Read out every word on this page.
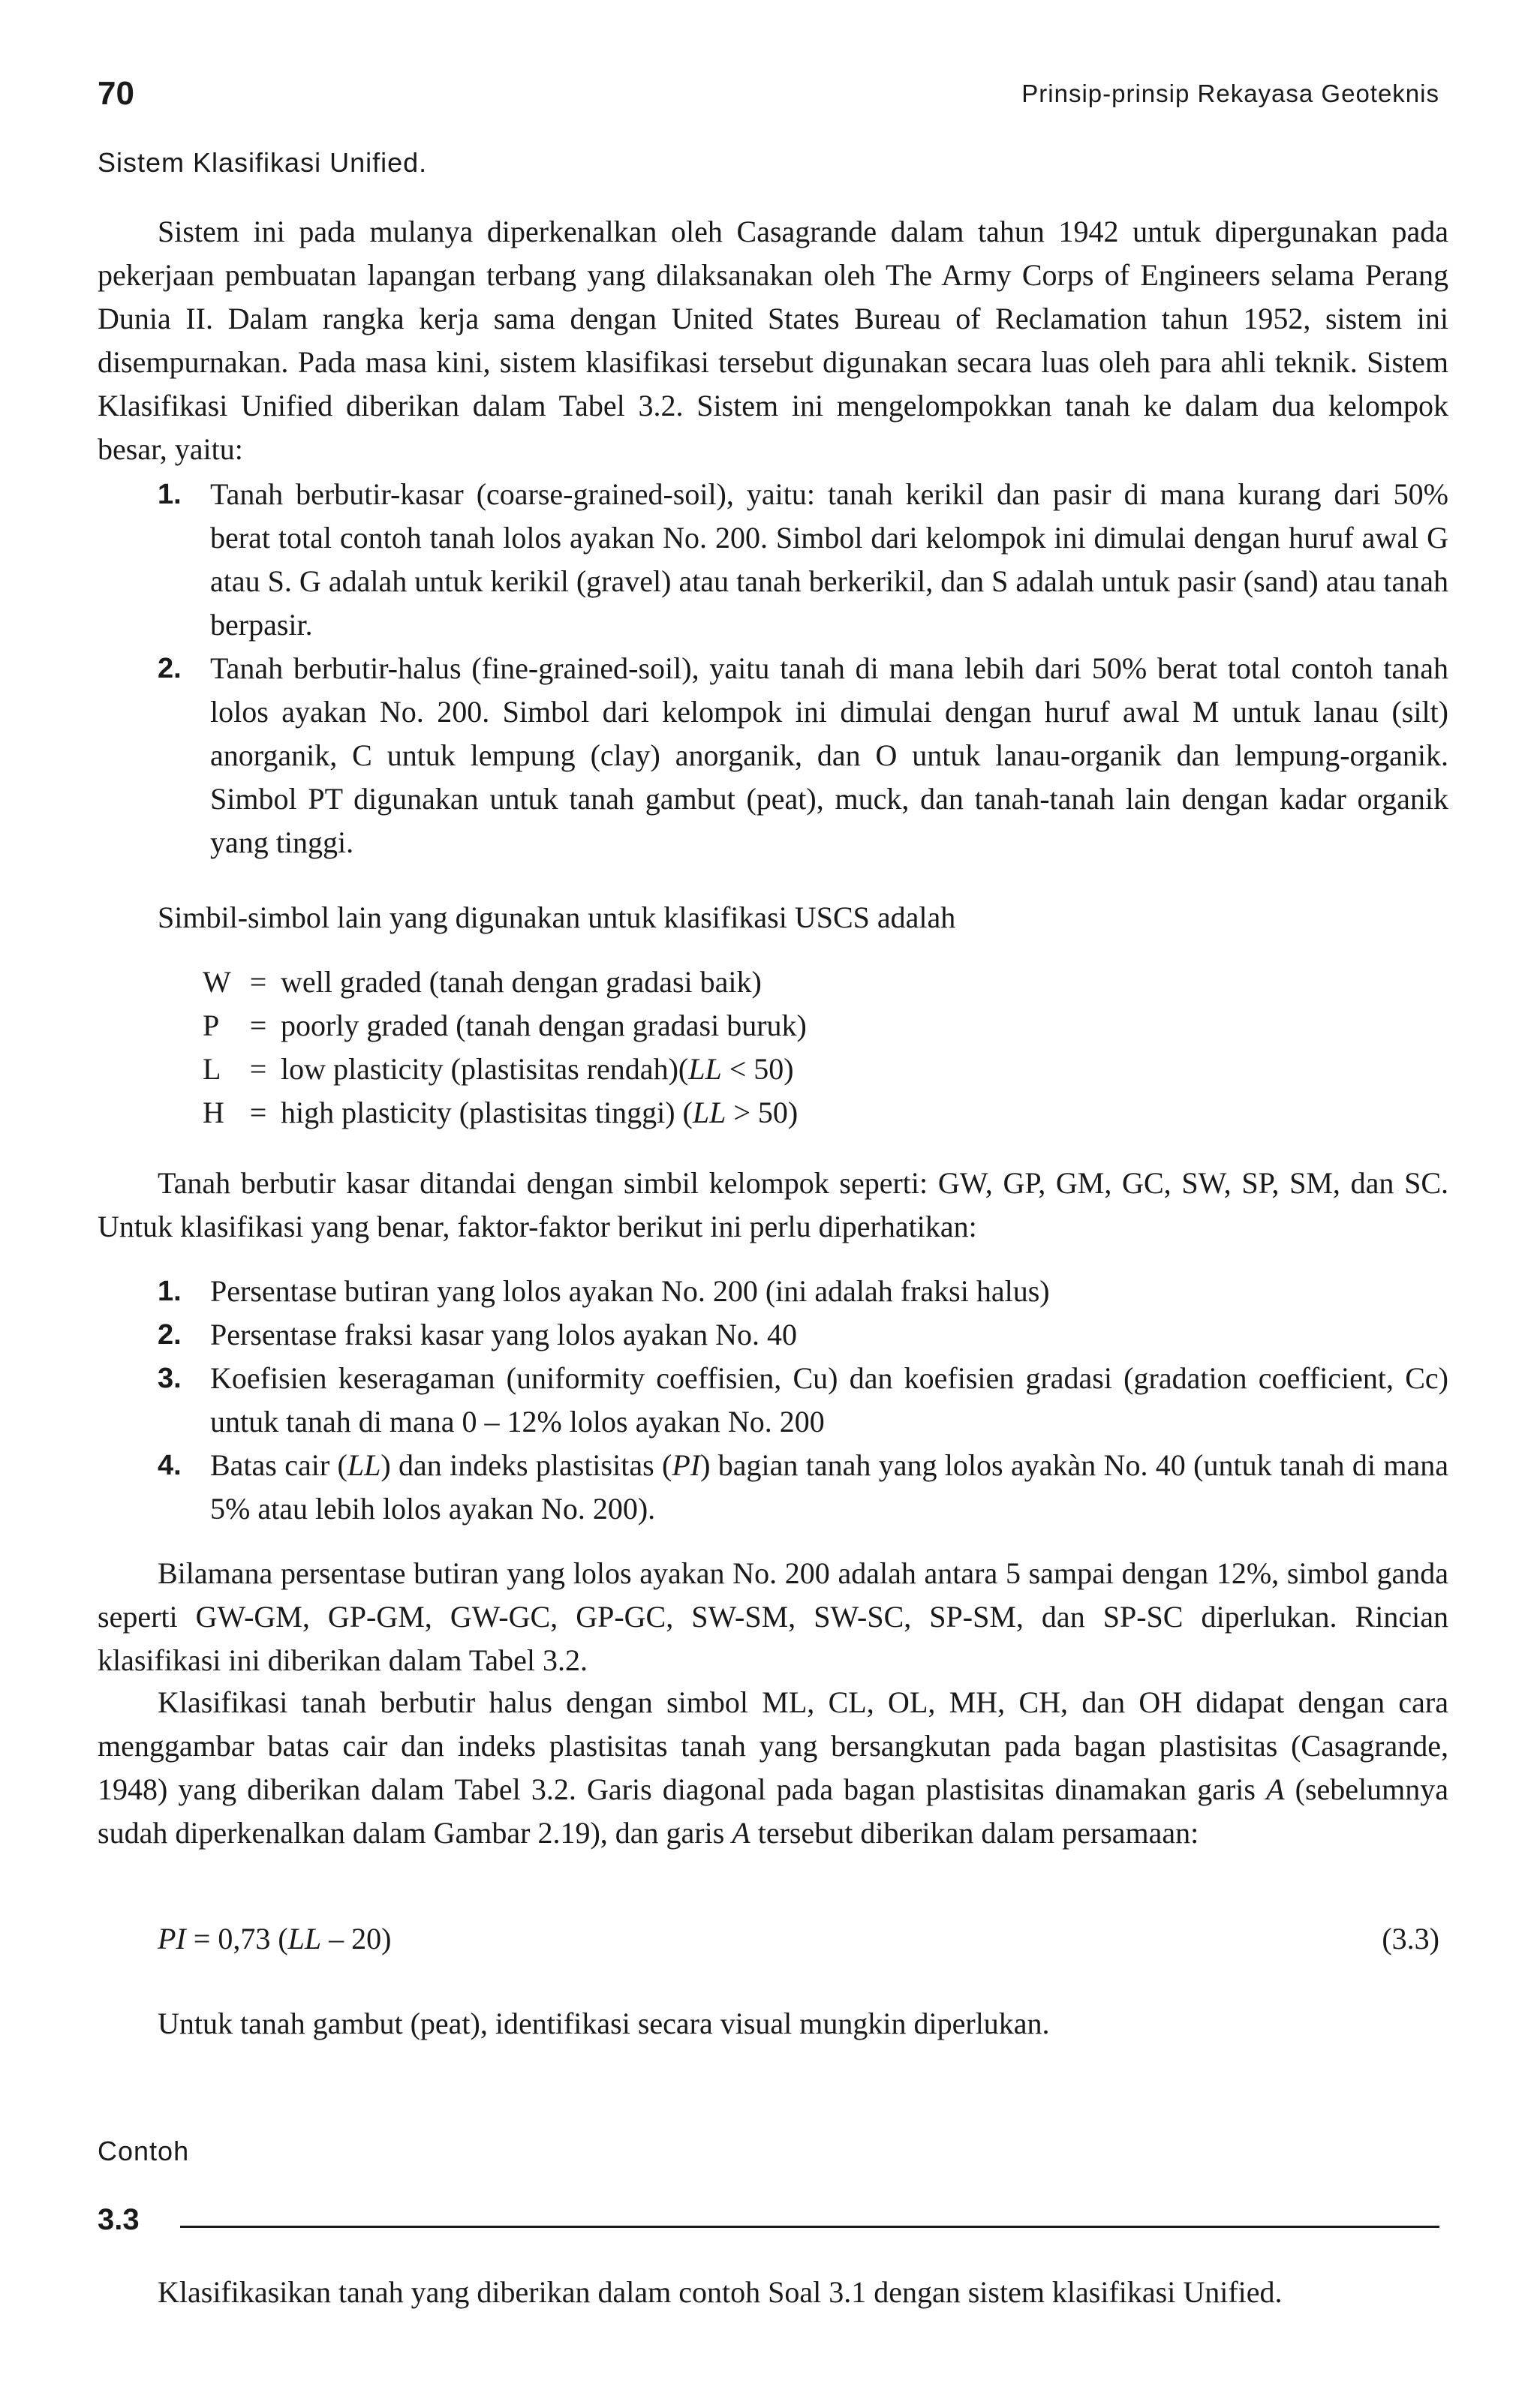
70	Prinsip-prinsip Rekayasa Geoteknis
Sistem Klasifikasi Unified.

Sistem ini pada mulanya diperkenalkan oleh Casagrande dalam tahun 1942 untuk dipergunakan pada pekerjaan pembuatan lapangan terbang yang dilaksanakan oleh The Army Corps of Engineers selama Perang Dunia II. Dalam rangka kerja sama dengan United States Bureau of Reclamation tahun 1952, sistem ini disempurnakan. Pada masa kini, sistem klasifikasi tersebut digunakan secara luas oleh para ahli teknik. Sistem Klasifikasi Unified diberikan dalam Tabel 3.2. Sistem ini mengelompokkan tanah ke dalam dua kelompok besar, yaitu:

1. Tanah berbutir-kasar (coarse-grained-soil), yaitu: tanah kerikil dan pasir di mana kurang dari 50% berat total contoh tanah lolos ayakan No. 200. Simbol dari kelompok ini dimulai dengan huruf awal G atau S. G adalah untuk kerikil (gravel) atau tanah berkerikil, dan S adalah untuk pasir (sand) atau tanah berpasir.

2. Tanah berbutir-halus (fine-grained-soil), yaitu tanah di mana lebih dari 50% berat total contoh tanah lolos ayakan No. 200. Simbol dari kelompok ini dimulai dengan huruf awal M untuk lanau (silt) anorganik, C untuk lempung (clay) anorganik, dan O untuk lanau-organik dan lempung-organik. Simbol PT digunakan untuk tanah gambut (peat), muck, dan tanah-tanah lain dengan kadar organik yang tinggi.

Simbil-simbol lain yang digunakan untuk klasifikasi USCS adalah

W = well graded (tanah dengan gradasi baik)
P	= poorly graded (tanah dengan gradasi buruk)
L = low plasticity (plastisitas rendah)(LL < 50)
H = high plasticity (plastisitas tinggi) (LL > 50)

Tanah berbutir kasar ditandai dengan simbil kelompok seperti: GW, GP, GM, GC, SW, SP, SM, dan SC. Untuk klasifikasi yang benar, faktor-faktor berikut ini perlu diperhatikan:

1. Persentase butiran yang lolos ayakan No. 200 (ini adalah fraksi halus)

2. Persentase fraksi kasar yang lolos ayakan No. 40

3. Koefisien keseragaman (uniformity coeffisien, Cu) dan koefisien gradasi (gradation coefficient, Cc) untuk tanah di mana 0 – 12% lolos ayakan No. 200

4. Batas cair (LL) dan indeks plastisitas (PI) bagian tanah yang lolos ayakàn No. 40 (untuk tanah di mana 5% atau lebih lolos ayakan No. 200).

Bilamana persentase butiran yang lolos ayakan No. 200 adalah antara 5 sampai dengan 12%, simbol ganda seperti GW-GM, GP-GM, GW-GC, GP-GC, SW-SM, SW-SC, SP-SM, dan SP-SC diperlukan. Rincian klasifikasi ini diberikan dalam Tabel 3.2.

Klasifikasi tanah berbutir halus dengan simbol ML, CL, OL, MH, CH, dan OH didapat dengan cara menggambar batas cair dan indeks plastisitas tanah yang bersangkutan pada bagan plastisitas (Casagrande, 1948) yang diberikan dalam Tabel 3.2. Garis diagonal pada bagan plastisitas dinamakan garis A (sebelumnya sudah diperkenalkan dalam Gambar 2.19), dan garis A tersebut diberikan dalam persamaan:

PI = 0,73 (LL – 20)	(3.3)

Untuk tanah gambut (peat), identifikasi secara visual mungkin diperlukan.

Contoh
3.3

Klasifikasikan tanah yang diberikan dalam contoh Soal 3.1 dengan sistem klasifikasi Unified.
